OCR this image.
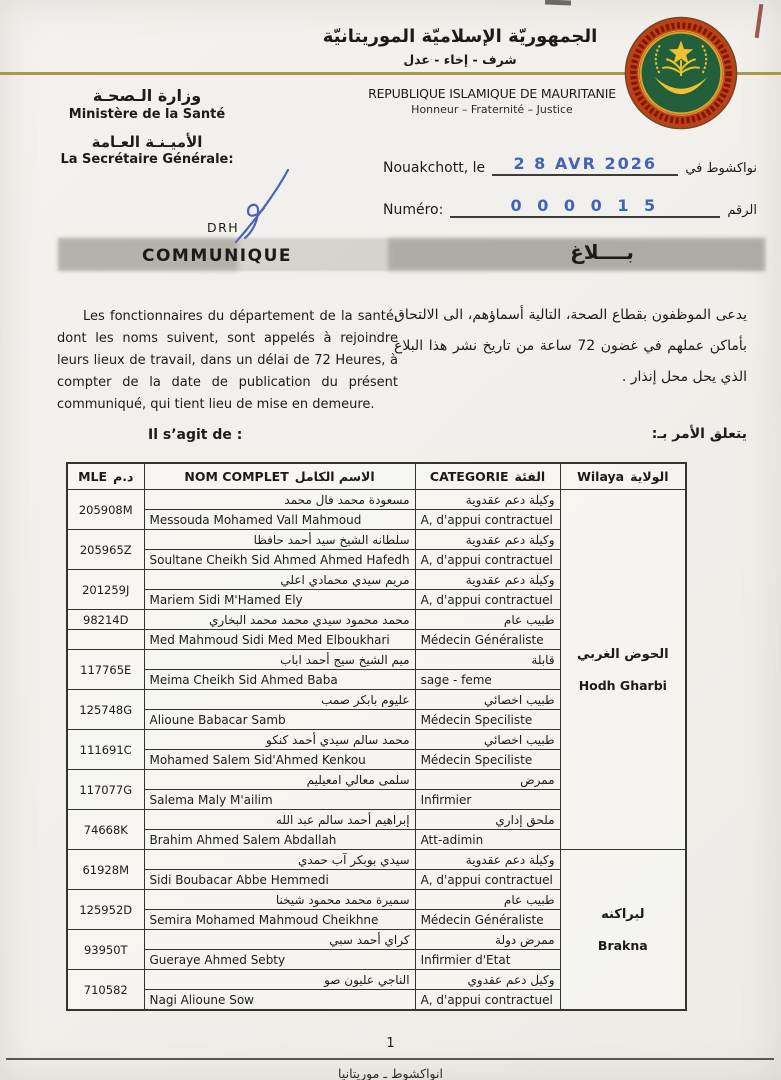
الجمهوريّة الإسلاميّة الموريتانيّة
شرف - إخاء - عدل
REPUBLIQUE ISLAMIQUE DE MAURITANIE
Honneur – Fraternité – Justice
وزارة الـصحـة
Ministère de la Santé
الأميـنـة العـامة
La Secrétaire Générale:
Nouakchott, le 2 8 AVR 2026 نواكشوط في
Numéro:	0 0 0 0 1 5	الرقم
DRH
COMMUNIQUE	بــــلاغ
Les fonctionnaires du département de la santé, dont les noms suivent, sont appelés à rejoindre leurs lieux de travail, dans un délai de 72 Heures, à compter de la date de publication du présent communiqué, qui tient lieu de mise en demeure.
Il s’agit de :
يدعى الموظفون بقطاع الصحة، التالية أسماؤهم، الى الالتحاق بأماكن عملهم في غضون 72 ساعة من تاريخ نشر هذا البلاغ الذي يحل محل إنذار .
يتعلق الأمر بـ:
MLE د.م	NOM COMPLET الاسم الكامل	CATEGORIE الفئة	Wilaya الولاية
205908M	مسعودة محمد فال محمد	وكيلة دعم عقدوية	الحوض الغربي
Hodh Gharbi

	Messouda Mohamed Vall Mahmoud	A, d'appui contractuel	
205965Z	سلطانه الشيخ سيد أحمد حافظا	وكيلة دعم عقدوية	
	Soultane Cheikh Sid Ahmed Ahmed Hafedh	A, d'appui contractuel	
201259J	مريم سيدي محمادي اعلي	وكيلة دعم عقدوية	
	Mariem Sidi M'Hamed Ely	A, d'appui contractuel	
98214D	محمد محمود سيدي محمد محمد البخاري	طبيب عام	
	Med Mahmoud Sidi Med Med Elboukhari	Médecin Généraliste	
117765E	ميم الشيخ سيج أحمد اباب	قابلة	
	Meima Cheikh Sid Ahmed Baba	sage - feme	
125748G	عليوم بابكر صمب	طبيب اخصائي	
	Alioune Babacar Samb	Médecin Speciliste	
111691C	محمد سالم سيدي أحمد كنكو	طبيب اخصائي	
	Mohamed Salem Sid'Ahmed Kenkou	Médecin Speciliste	
117077G	سلمى معالي امعيليم	ممرض	
	Salema Maly M'ailim	Infirmier	
74668K	إبراهيم أحمد سالم عبد الله	ملحق إداري	
	Brahim Ahmed Salem Abdallah	Att-adimin	
61928M	سيدي بوبكر آب حمدي	وكيلة دعم عقدوية	لبراكنه
Brakna

	Sidi Boubacar Abbe Hemmedi	A, d'appui contractuel	
125952D	سميرة محمد محمود شيخنا	طبيب عام	
	Semira Mohamed Mahmoud Cheikhne	Médecin Généraliste	
93950T	كراي أحمد سبي	ممرض دولة	
	Gueraye Ahmed Sebty	Infirmier d'Etat	
710582	الناجي عليون صو	وكيل دعم عقدوي	
	Nagi Alioune Sow	A, d'appui contractuel	
1
انواكشوط ـ موريتانيا
